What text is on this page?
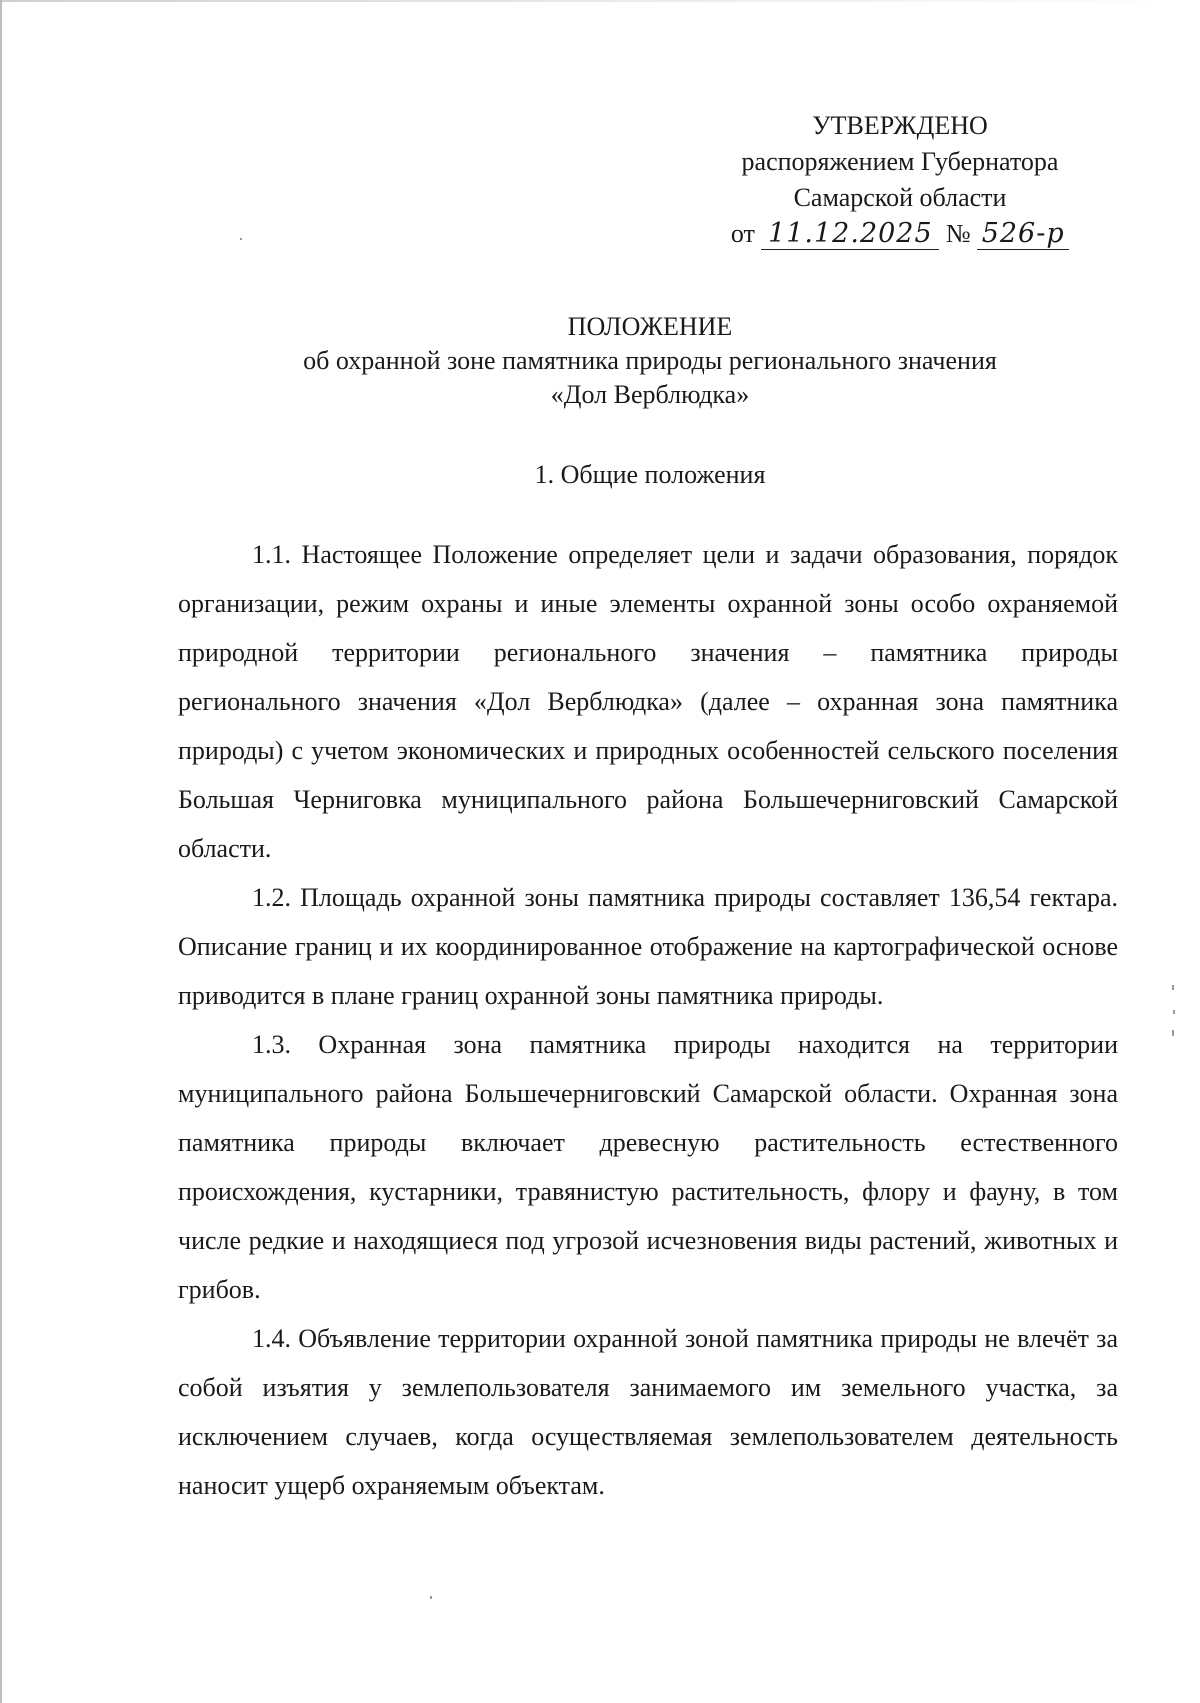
УТВЕРЖДЕНО
распоряжением Губернатора
Самарской области
от 11.12.2025 № 526-р
ПОЛОЖЕНИЕ
об охранной зоне памятника природы регионального значения
«Дол Верблюдка»
1. Общие положения

1.1. Настоящее Положение определяет цели и задачи образования, порядок организации, режим охраны и иные элементы охранной зоны особо охраняемой природной территории регионального значения – памятника природы регионального значения «Дол Верблюдка» (далее – охранная зона памятника природы) с учетом экономических и природных особенностей сельского поселения Большая Черниговка муниципального района Большечерниговский Самарской области.

1.2. Площадь охранной зоны памятника природы составляет 136,54 гектара. Описание границ и их координированное отображение на картографической основе приводится в плане границ охранной зоны памятника природы.

1.3. Охранная зона памятника природы находится на территории муниципального района Большечерниговский Самарской области. Охранная зона памятника природы включает древесную растительность естественного происхождения, кустарники, травянистую растительность, флору и фауну, в том числе редкие и находящиеся под угрозой исчезновения виды растений, животных и грибов.

1.4. Объявление территории охранной зоной памятника природы не влечёт за собой изъятия у землепользователя занимаемого им земельного участка, за исключением случаев, когда осуществляемая землепользователем деятельность наносит ущерб охраняемым объектам.
